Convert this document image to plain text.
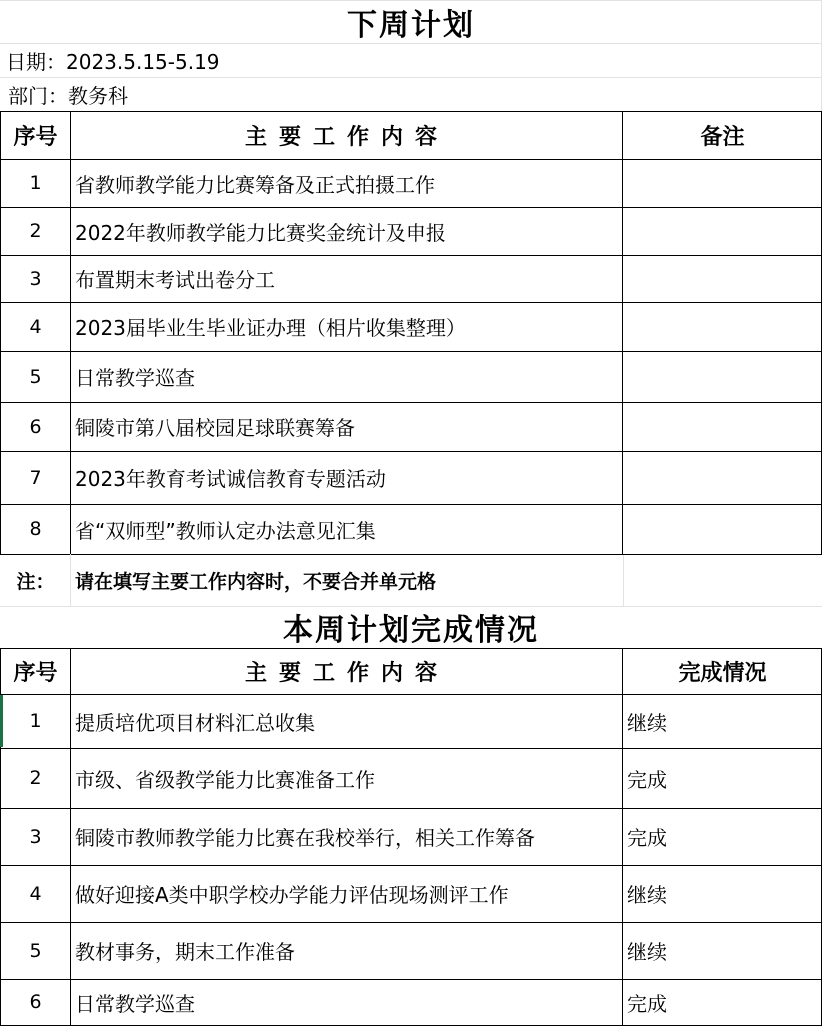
下周计划
日期：2023.5.15-5.19
部门：教务科
序号	主要工作内容	备注
1	省教师教学能力比赛筹备及正式拍摄工作
2	2022年教师教学能力比赛奖金统计及申报
3	布置期末考试出卷分工
4	2023届毕业生毕业证办理（相片收集整理）
5	日常教学巡查
6	铜陵市第八届校园足球联赛筹备
7	2023年教育考试诚信教育专题活动
8	省“双师型”教师认定办法意见汇集
注：	请在填写主要工作内容时，不要合并单元格
本周计划完成情况
序号	主要工作内容	完成情况
1	提质培优项目材料汇总收集	继续
2	市级、省级教学能力比赛准备工作	完成
3	铜陵市教师教学能力比赛在我校举行，相关工作筹备	完成
4	做好迎接A类中职学校办学能力评估现场测评工作	继续
5	教材事务，期末工作准备	继续
6	日常教学巡查	完成
